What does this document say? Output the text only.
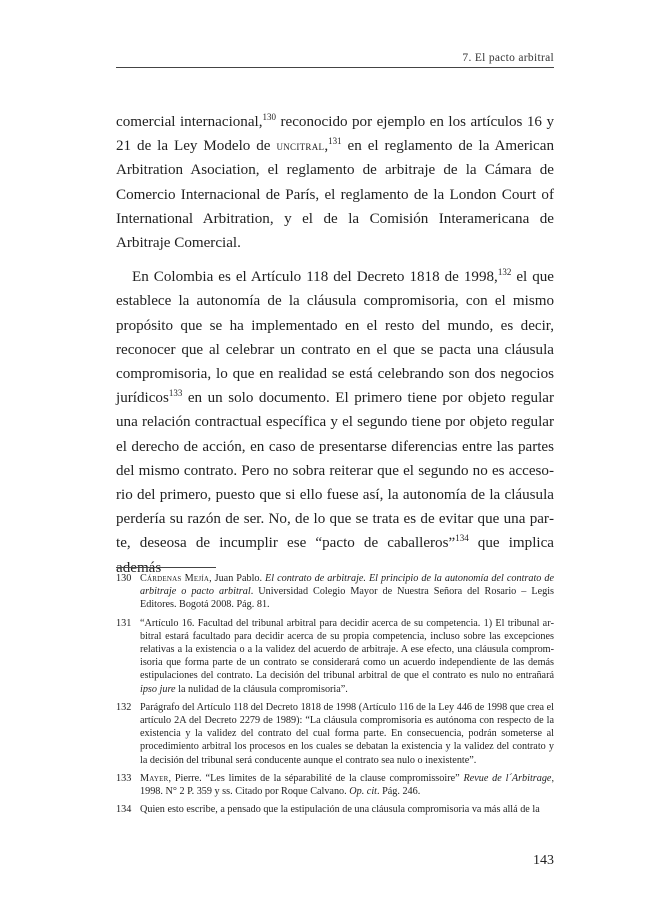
7. El pacto arbitral

comercial internacional,$^{130}$ reconocido por ejemplo en los artículos 16 y 21 de la Ley Modelo de uncitral,$^{131}$ en el reglamento de la American Arbitration Asociation, el reglamento de arbitraje de la Cámara de Comercio Internacional de París, el reglamento de la London Court of International Arbitration, y el de la Comisión Interamericana de Arbitraje Comercial.

En Colombia es el Artículo 118 del Decreto 1818 de 1998,$^{132}$ el que establece la autonomía de la cláusula compromisoria, con el mismo propósito que se ha implementado en el resto del mundo, es decir, reconocer que al celebrar un contrato en el que se pacta una cláusula compromisoria, lo que en realidad se está celebrando son dos negocios jurídicos$^{133}$ en un solo documento. El primero tiene por objeto regular una relación contractual específica y el segundo tiene por objeto regular el derecho de acción, en caso de presentarse diferencias entre las partes del mismo contrato. Pero no sobra reiterar que el segundo no es accesorio del primero, puesto que si ello fuese así, la autonomía de la cláusula perdería su razón de ser. No, de lo que se trata es de evitar que una parte, deseosa de incumplir ese “pacto de caballeros”$^{134}$ que implica además

130 Cárdenas Mejía, Juan Pablo. El contrato de arbitraje. El principio de la autonomía del contrato de arbitraje o pacto arbitral. Universidad Colegio Mayor de Nuestra Señora del Rosario – Legis Editores. Bogotá 2008. Pág. 81.
131 “Artículo 16. Facultad del tribunal arbitral para decidir acerca de su competencia. 1) El tribunal arbitral estará facultado para decidir acerca de su propia competencia, incluso sobre las excepciones relativas a la existencia o a la validez del acuerdo de arbitraje. A ese efecto, una cláusula compromisoria que forma parte de un contrato se considerará como un acuerdo independiente de las demás estipulaciones del contrato. La decisión del tribunal arbitral de que el contrato es nulo no entrañará ipso jure la nulidad de la cláusula compromisoria”.
132 Parágrafo del Artículo 118 del Decreto 1818 de 1998 (Artículo 116 de la Ley 446 de 1998 que crea el artículo 2A del Decreto 2279 de 1989): “La cláusula compromisoria es autónoma con respecto de la existencia y la validez del contrato del cual forma parte. En consecuencia, podrán someterse al procedimiento arbitral los procesos en los cuales se debatan la existencia y la validez del contrato y la decisión del tribunal será conducente aunque el contrato sea nulo o inexistente”.
133 Mayer, Pierre. “Les limites de la séparabilité de la clause compromissoire” Revue de l´Arbitrage, 1998. N° 2 P. 359 y ss. Citado por Roque Calvano. Op. cit. Pág. 246.
134 Quien esto escribe, a pensado que la estipulación de una cláusula compromisoria va más allá de la
143
